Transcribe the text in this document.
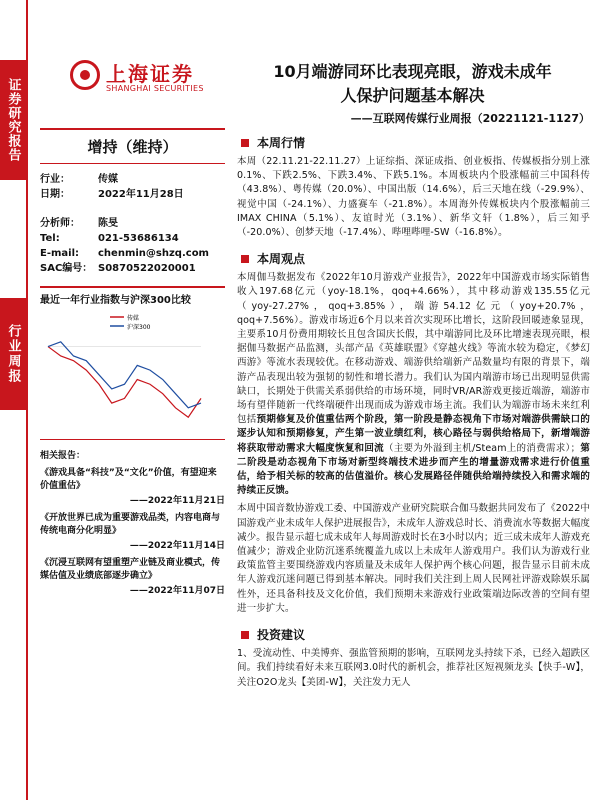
证券研究报告
行业周报
上海证券
SHANGHAI SECURITIES
10月端游同环比表现亮眼，游戏未成年
人保护问题基本解决
——互联网传媒行业周报（20221121-1127）
增持（维持）
行业：	传媒
日期：	2022年11月28日
分析师：	陈旻
Tel:	021-53686134
E-mail:	chenmin@shzq.com
SAC编号： S0870522020001
最近一年行业指数与沪深300比较
传媒
沪深300
相关报告：
《游戏具备“科技”及“文化”价值，有望迎来价值重估》
——2022年11月21日
《开放世界已成为重要游戏品类，内容电商与传统电商分化明显》
——2022年11月14日
《沉浸互联网有望重塑产业链及商业模式，传媒估值及业绩底部逐步确立》
——2022年11月07日
本周行情
本周（22.11.21-22.11.27）上证综指、深证成指、创业板指、传媒板指分别上涨0.1%、下跌2.5%、下跌3.4%、下跌5.1%。本周板块内个股涨幅前三中国科传（43.8%）、粤传媒（20.0%）、中国出版（14.6%），后三天地在线（-29.9%）、视觉中国（-24.1%）、力盛赛车（-21.8%）。本周海外传媒板块内个股涨幅前三IMAX CHINA（5.1%）、友谊时光（3.1%）、新华文轩（1.8%），后三知乎（-20.0%）、创梦天地（-17.4%）、哔哩哔哩-SW（-16.8%）。
本周观点
本周伽马数据发布《2022年10月游戏产业报告》，2022年中国游戏市场实际销售收入197.68亿元（yoy-18.1%，qoq+4.66%），其中移动游戏135.55亿元（yoy-27.27%，qoq+3.85%），端游54.12亿元（yoy+20.7%，qoq+7.56%）。游戏市场近6个月以来首次实现环比增长，这阶段回暖迹象显现，主要系10月份费用期较长且包含国庆长假，其中端游同比及环比增速表现亮眼，根据伽马数据产品监测，头部产品《英雄联盟》《穿越火线》等流水较为稳定，《梦幻西游》等流水表现较优。在移动游戏、端游供给端新产品数量均有限的背景下，端游产品表现出较为强韧的韧性和增长潜力。我们认为国内端游市场已出现明显供需缺口，长期处于供需关系弱供给的市场环境，同时VR/AR游戏更接近端游，端游市场有望伴随新一代终端硬件出现而成为游戏市场主流。我们认为端游市场未来红利包括预期修复及价值重估两个阶段，第一阶段是静态视角下市场对端游供需缺口的逐步认知和预期修复，产生第一波业绩红利，核心路径与弱供给格局下，新增端游将获取带动需求大幅度恢复和回流（主要为外溢到主机/Steam上的消费需求）；第二阶段是动态视角下市场对新型终端技术进步而产生的增量游戏需求进行价值重估，给予相关标的较高的估值溢价。核心发展路径伴随供给端持续投入和需求端的持续正反馈。
本周中国音数协游戏工委、中国游戏产业研究院联合伽马数据共同发布了《2022中国游戏产业未成年人保护进展报告》，未成年人游戏总时长、消费流水等数据大幅度减少。报告显示超七成未成年人每周游戏时长在3小时以内；近三成未成年人游戏充值减少；游戏企业防沉迷系统覆盖九成以上未成年人游戏用户。我们认为游戏行业政策监管主要围绕游戏内容质量及未成年人保护两个核心问题，报告显示目前未成年人游戏沉迷问题已得到基本解决。同时我们关注到上周人民网社评游戏除娱乐属性外，还具备科技及文化价值，我们预期未来游戏行业政策端边际改善的空间有望进一步扩大。
投资建议
1、受流动性、中美博弈、强监管预期的影响，互联网龙头持续下杀，已经入超跌区间。我们持续看好未来互联网3.0时代的新机会，推荐社区短视频龙头【快手-W】，关注O2O龙头【美团-W】，关注发力无人
